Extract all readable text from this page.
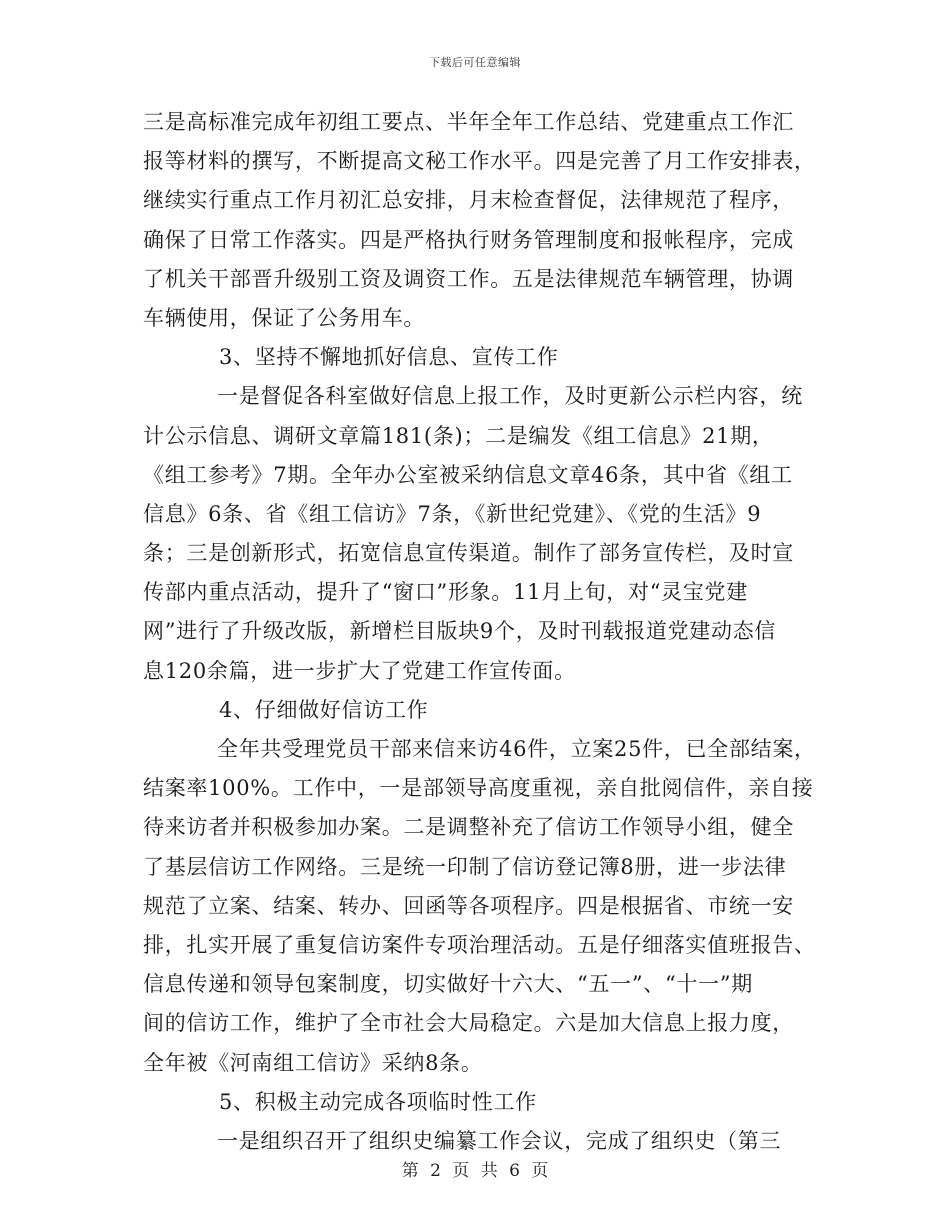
下载后可任意编辑
三是高标准完成年初组工要点、半年全年工作总结、党建重点工作汇
报等材料的撰写，不断提高文秘工作水平。四是完善了月工作安排表，
继续实行重点工作月初汇总安排，月末检查督促，法律规范了程序，
确保了日常工作落实。四是严格执行财务管理制度和报帐程序，完成
了机关干部晋升级别工资及调资工作。五是法律规范车辆管理，协调
车辆使用，保证了公务用车。
3、坚持不懈地抓好信息、宣传工作
一是督促各科室做好信息上报工作，及时更新公示栏内容，统
计公示信息、调研文章篇181(条)；二是编发《组工信息》21期，
《组工参考》7期。全年办公室被采纳信息文章46条，其中省《组工
信息》6条、省《组工信访》7条，《新世纪党建》、《党的生活》9
条；三是创新形式，拓宽信息宣传渠道。制作了部务宣传栏，及时宣
传部内重点活动，提升了“窗口”形象。11月上旬，对“灵宝党建
网”进行了升级改版，新增栏目版块9个，及时刊载报道党建动态信
息120余篇，进一步扩大了党建工作宣传面。
4、仔细做好信访工作
全年共受理党员干部来信来访46件，立案25件，已全部结案，
结案率100%。工作中，一是部领导高度重视，亲自批阅信件，亲自接
待来访者并积极参加办案。二是调整补充了信访工作领导小组，健全
了基层信访工作网络。三是统一印制了信访登记簿8册，进一步法律
规范了立案、结案、转办、回函等各项程序。四是根据省、市统一安
排，扎实开展了重复信访案件专项治理活动。五是仔细落实值班报告、
信息传递和领导包案制度，切实做好十六大、“五一”、“十一”期
间的信访工作，维护了全市社会大局稳定。六是加大信息上报力度，
全年被《河南组工信访》采纳8条。
5、积极主动完成各项临时性工作
一是组织召开了组织史编纂工作会议，完成了组织史（第三
第 2 页 共 6 页
